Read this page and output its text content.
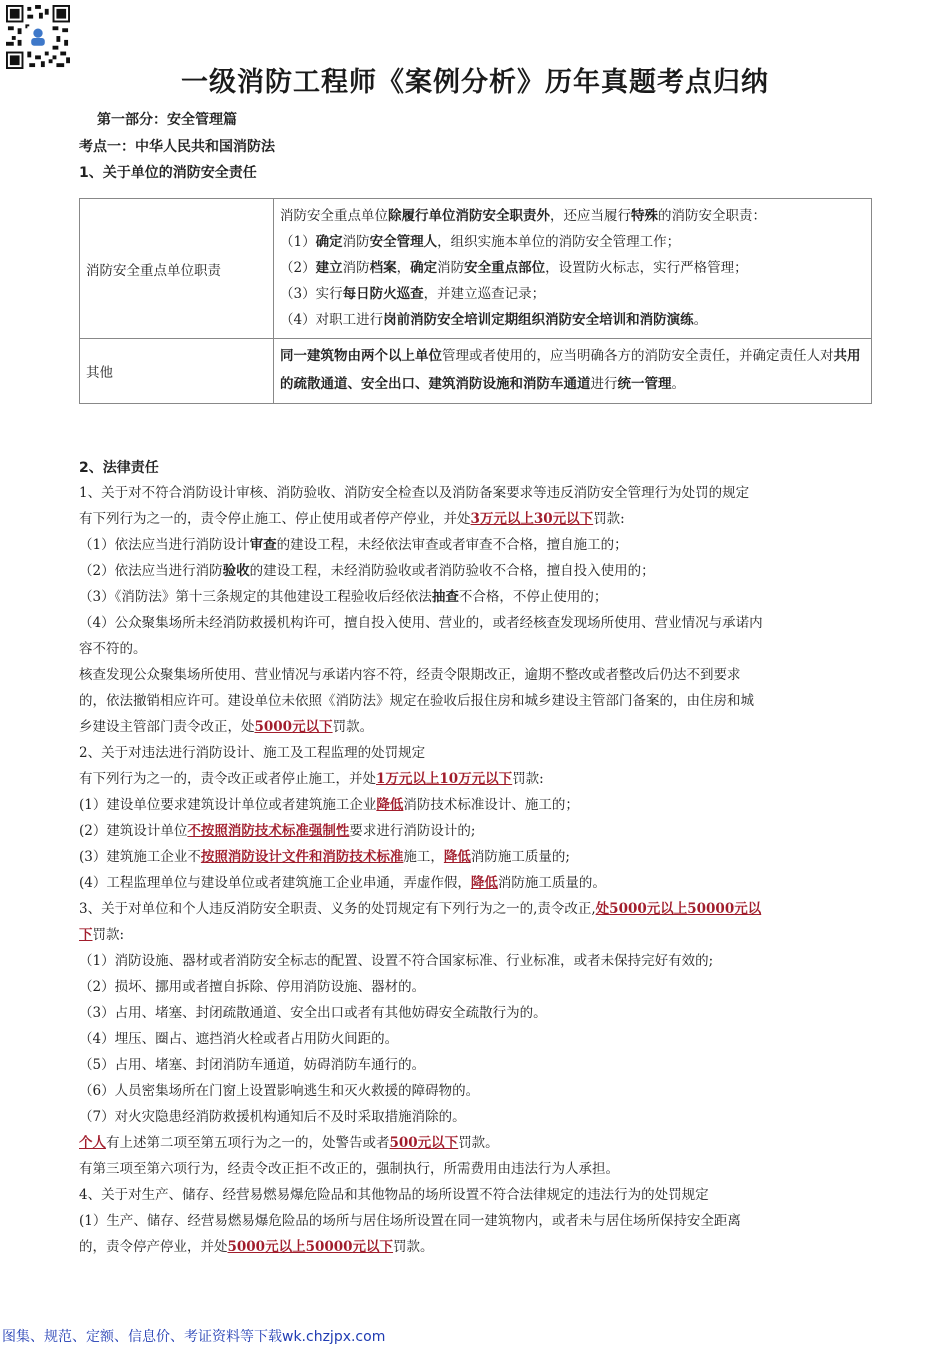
一级消防工程师《案例分析》历年真题考点归纳
第一部分：安全管理篇
考点一：中华人民共和国消防法
1、关于单位的消防安全责任
消防安全重点单位职责	消防安全重点单位除履行单位消防安全职责外，还应当履行特殊的消防安全职责：
（1）确定消防安全管理人，组织实施本单位的消防安全管理工作；
（2）建立消防档案，确定消防安全重点部位，设置防火标志，实行严格管理；
（3）实行每日防火巡查，并建立巡查记录；
（4）对职工进行岗前消防安全培训定期组织消防安全培训和消防演练。

其他	同一建筑物由两个以上单位管理或者使用的，应当明确各方的消防安全责任，并确定责任人对共用的疏散通道、安全出口、建筑消防设施和消防车通道进行统一管理。
2、法律责任
1、关于对不符合消防设计审核、消防验收、消防安全检查以及消防备案要求等违反消防安全管理行为处罚的规定
有下列行为之一的，责令停止施工、停止使用或者停产停业，并处3万元以上30元以下罚款:
（1）依法应当进行消防设计审查的建设工程，未经依法审查或者审查不合格，擅自施工的；
（2）依法应当进行消防验收的建设工程，未经消防验收或者消防验收不合格，擅自投入使用的；
（3）《消防法》第十三条规定的其他建设工程验收后经依法抽查不合格，不停止使用的；
（4）公众聚集场所未经消防救援机构许可，擅自投入使用、营业的，或者经核查发现场所使用、营业情况与承诺内
容不符的。
核查发现公众聚集场所使用、营业情况与承诺内容不符，经责令限期改正，逾期不整改或者整改后仍达不到要求
的，依法撤销相应许可。建设单位未依照《消防法》规定在验收后报住房和城乡建设主管部门备案的，由住房和城
乡建设主管部门责令改正，处5000元以下罚款。
2、关于对违法进行消防设计、施工及工程监理的处罚规定
有下列行为之一的，责令改正或者停止施工，并处1万元以上10万元以下罚款:
(1）建设单位要求建筑设计单位或者建筑施工企业降低消防技术标准设计、施工的；
(2）建筑设计单位不按照消防技术标准强制性要求进行消防设计的;
(3）建筑施工企业不按照消防设计文件和消防技术标准施工，降低消防施工质量的;
(4）工程监理单位与建设单位或者建筑施工企业串通，弄虚作假，降低消防施工质量的。
3、关于对单位和个人违反消防安全职责、义务的处罚规定有下列行为之一的,责令改正,处5000元以上50000元以
下罚款:
（1）消防设施、器材或者消防安全标志的配置、设置不符合国家标准、行业标准，或者未保持完好有效的;
（2）损坏、挪用或者擅自拆除、停用消防设施、器材的。
（3）占用、堵塞、封闭疏散通道、安全出口或者有其他妨碍安全疏散行为的。
（4）埋压、圈占、遮挡消火栓或者占用防火间距的。
（5）占用、堵塞、封闭消防车通道，妨碍消防车通行的。
（6）人员密集场所在门窗上设置影响逃生和灭火救援的障碍物的。
（7）对火灾隐患经消防救援机构通知后不及时采取措施消除的。
个人有上述第二项至第五项行为之一的，处警告或者500元以下罚款。
有第三项至第六项行为，经责令改正拒不改正的，强制执行，所需费用由违法行为人承担。
4、关于对生产、储存、经营易燃易爆危险品和其他物品的场所设置不符合法律规定的违法行为的处罚规定
(1）生产、储存、经营易燃易爆危险品的场所与居住场所设置在同一建筑物内，或者未与居住场所保持安全距离
的，责令停产停业，并处5000元以上50000元以下罚款。
图集、规范、定额、信息价、考证资料等下载wk.chzjpx.com
